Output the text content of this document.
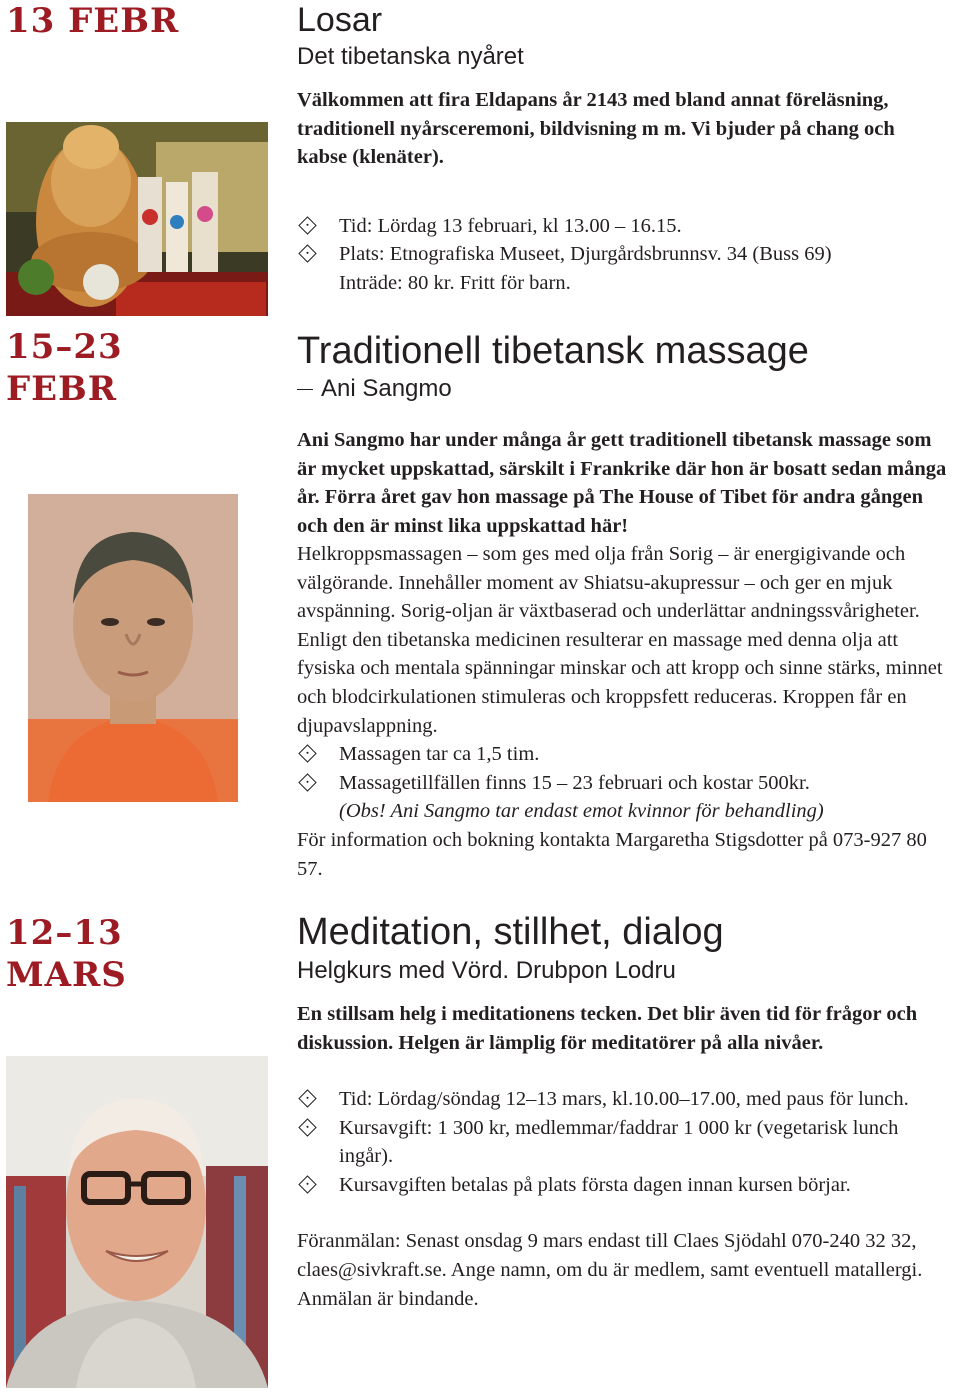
13 FEBR
15–23
FEBR
12–13
MARS
Losar
Det tibetanska nyåret
Välkommen att fira Eldapans år 2143 med bland annat föreläsning, traditionell nyårsceremoni, bildvisning m m. Vi bjuder på chang och kabse (klenäter).
Tid: Lördag 13 februari, kl 13.00 – 16.15.
Plats: Etnografiska Museet, Djurgårdsbrunnsv. 34 (Buss 69)
Inträde: 80 kr. Fritt för barn.
Traditionell tibetansk massage
Ani Sangmo
Ani Sangmo har under många år gett traditionell tibetansk massage som är mycket uppskattad, särskilt i Frankrike där hon är bosatt sedan många år. Förra året gav hon massage på The House of Tibet för andra gången och den är minst lika uppskattad här!
Helkroppsmassagen – som ges med olja från Sorig – är energigivande och välgörande. Innehåller moment av Shiatsu-akupressur – och ger en mjuk avspänning. Sorig-oljan är växtbaserad och underlättar andningssvårigheter. Enligt den tibetanska medicinen resulterar en massage med denna olja att fysiska och mentala spänningar minskar och att kropp och sinne stärks, minnet och blodcirkulationen stimuleras och kroppsfett reduceras. Kroppen får en djupavslappning.
Massagen tar ca 1,5 tim.
Massagetillfällen finns 15 – 23 februari och kostar 500kr.
(Obs! Ani Sangmo tar endast emot kvinnor för behandling)
För information och bokning kontakta Margaretha Stigsdotter på 073-927 80 57.
Meditation, stillhet, dialog
Helgkurs med Vörd. Drubpon Lodru
En stillsam helg i meditationens tecken. Det blir även tid för frågor och diskussion. Helgen är lämplig för meditatörer på alla nivåer.
Tid: Lördag/söndag 12–13 mars, kl.10.00–17.00, med paus för lunch.
Kursavgift: 1 300 kr, medlemmar/faddrar 1 000 kr (vegetarisk lunch ingår).
Kursavgiften betalas på plats första dagen innan kursen börjar.
Föranmälan: Senast onsdag 9 mars endast till Claes Sjödahl 070-240 32 32, claes@sivkraft.se. Ange namn, om du är medlem, samt eventuell matallergi. Anmälan är bindande.
